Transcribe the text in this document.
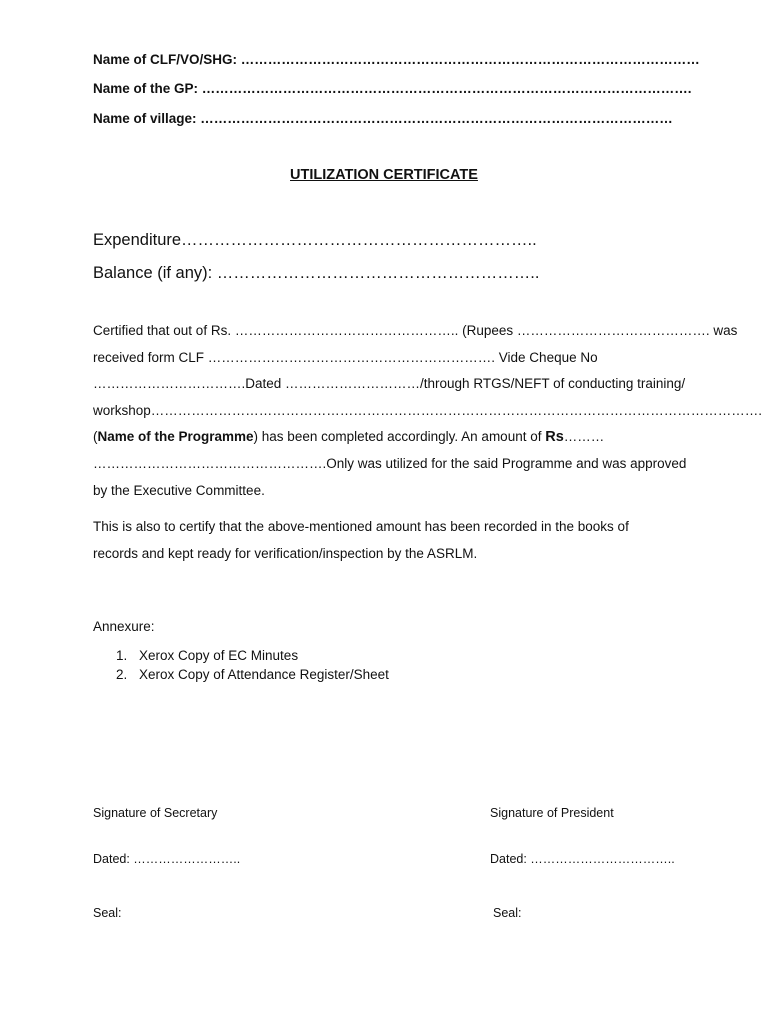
Name of CLF/VO/SHG: …………………………………………………………………………………………
Name of the GP: ……………………………………………………………………………………………….
Name of village: ……………………………………………………………………………………………
UTILIZATION CERTIFICATE
Expenditure………………………………………………………..
Balance (if any): …………………………………………………..
Certified that out of Rs. ………………………………………….. (Rupees ……………………………………. was
received form CLF ………………………………………………………. Vide Cheque No
…………………………….Dated …………………………/through RTGS/NEFT of conducting training/
workshop……………………………………………………………………………………………………………………….
(Name of the Programme) has been completed accordingly. An amount of Rs………
…………………………………………….Only was utilized for the said Programme and was approved
by the Executive Committee.
This is also to certify that the above-mentioned amount has been recorded in the books of
records and kept ready for verification/inspection by the ASRLM.
Annexure:
1. Xerox Copy of EC Minutes
2. Xerox Copy of Attendance Register/Sheet
Signature of Secretary	Signature of President
Dated: ……………………..	Dated: ……………………………..
Seal:	Seal:
